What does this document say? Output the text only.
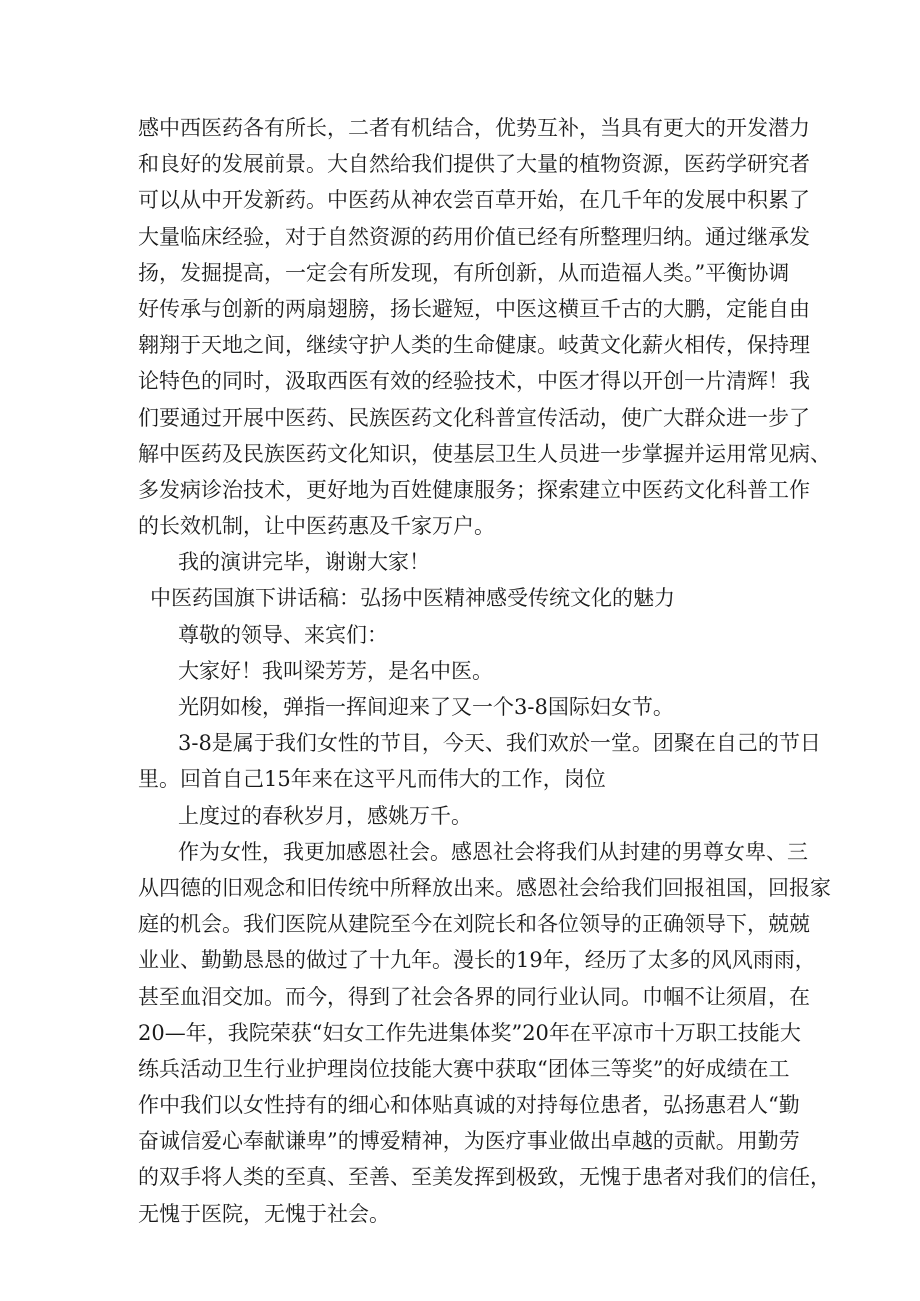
感中西医药各有所长，二者有机结合，优势互补，当具有更大的开发潜力
和良好的发展前景。大自然给我们提供了大量的植物资源，医药学研究者
可以从中开发新药。中医药从神农尝百草开始，在几千年的发展中积累了
大量临床经验，对于自然资源的药用价值已经有所整理归纳。通过继承发
扬，发掘提高，一定会有所发现，有所创新，从而造福人类。”平衡协调
好传承与创新的两扇翅膀，扬长避短，中医这横亘千古的大鹏，定能自由
翱翔于天地之间，继续守护人类的生命健康。岐黄文化薪火相传，保持理
论特色的同时，汲取西医有效的经验技术，中医才得以开创一片清辉！我
们要通过开展中医药、民族医药文化科普宣传活动，使广大群众进一步了
解中医药及民族医药文化知识，使基层卫生人员进一步掌握并运用常见病、
多发病诊治技术，更好地为百姓健康服务；探索建立中医药文化科普工作
的长效机制，让中医药惠及千家万户。
我的演讲完毕，谢谢大家！
中医药国旗下讲话稿：弘扬中医精神感受传统文化的魅力
尊敬的领导、来宾们：
大家好！我叫梁芳芳，是名中医。
光阴如梭，弹指一挥间迎来了又一个3-8国际妇女节。
3-8是属于我们女性的节目，今天、我们欢於一堂。团聚在自己的节日
里。回首自己15年来在这平凡而伟大的工作，岗位
上度过的春秋岁月，感姚万千。
作为女性，我更加感恩社会。感恩社会将我们从封建的男尊女卑、三
从四德的旧观念和旧传统中所释放出来。感恩社会给我们回报祖国，回报家
庭的机会。我们医院从建院至今在刘院长和各位领导的正确领导下，兢兢
业业、勤勤恳恳的做过了十九年。漫长的19年，经历了太多的风风雨雨，
甚至血泪交加。而今，得到了社会各界的同行业认同。巾帼不让须眉，在
20—年，我院荣获“妇女工作先进集体奖”20年在平凉市十万职工技能大
练兵活动卫生行业护理岗位技能大赛中获取“团体三等奖”的好成绩在工
作中我们以女性持有的细心和体贴真诚的对持每位患者，弘扬惠君人“勤
奋诚信爱心奉献谦卑”的博爱精神，为医疗事业做出卓越的贡献。用勤劳
的双手将人类的至真、至善、至美发挥到极致，无愧于患者对我们的信任，
无愧于医院，无愧于社会。
